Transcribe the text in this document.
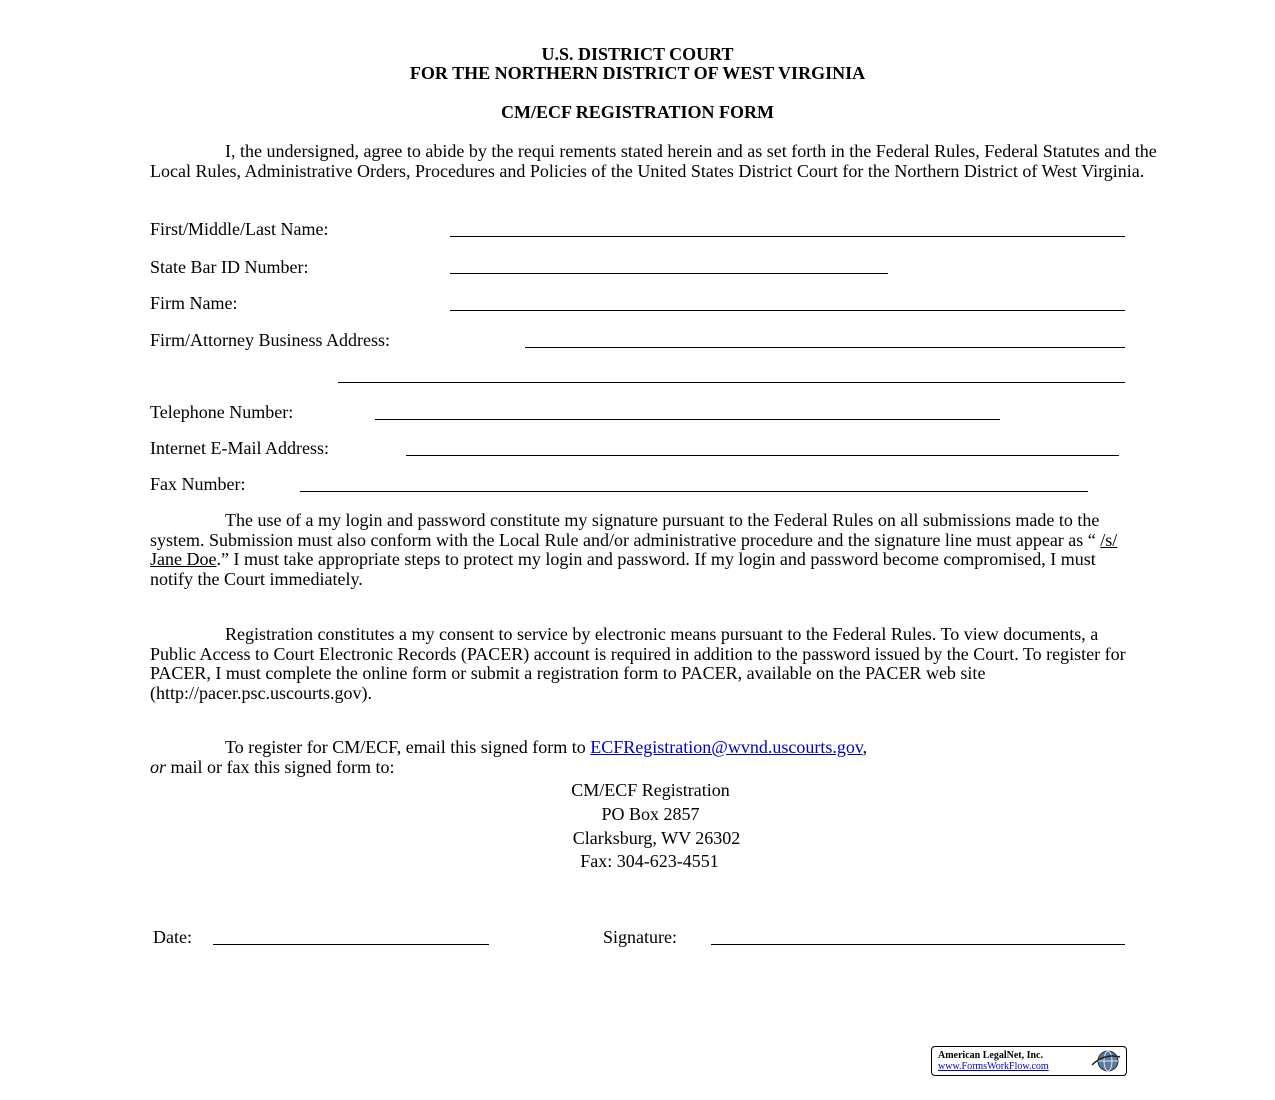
U.S. DISTRICT COURT
FOR THE NORTHERN DISTRICT OF WEST VIRGINIA
CM/ECF REGISTRATION FORM
I, the undersigned, agree to abide by the requi rements stated herein and as set forth in the Federal Rules, Federal Statutes and the Local Rules, Administrative Orders, Procedures and Policies of the United States District Court for the Northern District of West Virginia.
First/Middle/Last Name:
State Bar ID Number:
Firm Name:
Firm/Attorney Business Address:
Telephone Number:
Internet E-Mail Address:
Fax Number:
The use of a my login and password constitute my signature pursuant to the Federal Rules on all submissions made to the system. Submission must also conform with the Local Rule and/or administrative procedure and the signature line must appear as “ /s/ Jane Doe.” I must take appropriate steps to protect my login and password. If my login and password become compromised, I must notify the Court immediately.
Registration constitutes a my consent to service by electronic means pursuant to the Federal Rules. To view documents, a Public Access to Court Electronic Records (PACER) account is required in addition to the password issued by the Court. To register for PACER, I must complete the online form or submit a registration form to PACER, available on the PACER web site (http://pacer.psc.uscourts.gov).
To register for CM/ECF, email this signed form to ECFRegistration@wvnd.uscourts.gov,
or mail or fax this signed form to:
CM/ECF Registration
PO Box 2857
Clarksburg, WV 26302
Fax: 304-623-4551
Date:	Signature:
American LegalNet, Inc.
www.FormsWorkFlow.com
